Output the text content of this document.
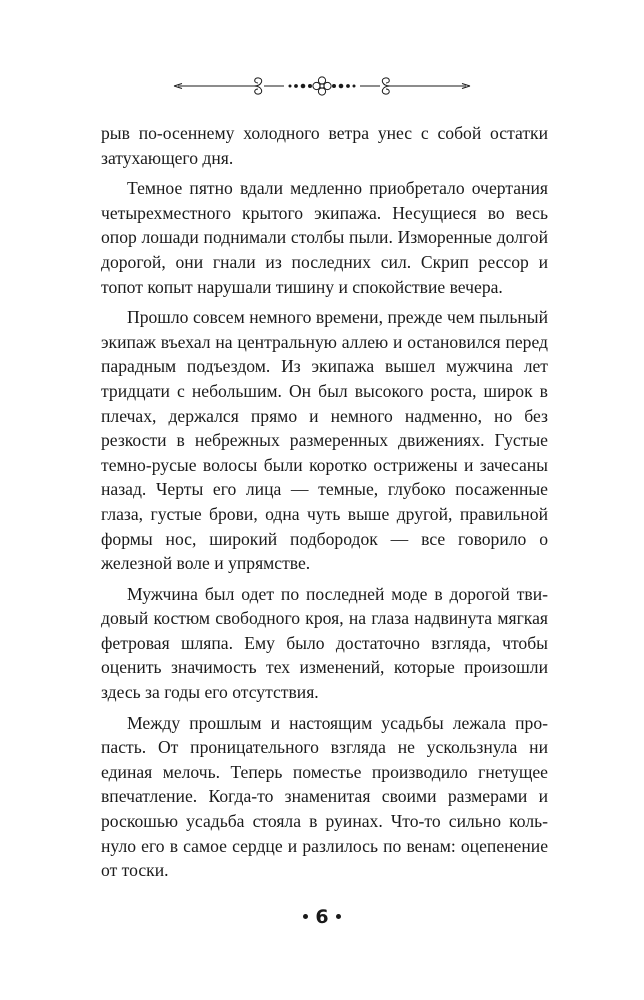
рыв по-осеннему холодного ветра унес с собой остатки затухающего дня.

Темное пятно вдали медленно приобретало очертания четырехместного крытого экипажа. Несущиеся во весь опор лошади поднимали столбы пыли. Изморенные долгой дорогой, они гнали из последних сил. Скрип рессор и топот копыт нарушали тишину и спокойствие вечера.

Прошло совсем немного времени, прежде чем пыльный экипаж въехал на центральную аллею и остановился перед парадным подъездом. Из экипажа вышел мужчина лет тридцати с небольшим. Он был высокого роста, широк в плечах, держался прямо и немного надменно, но без резкости в небрежных размеренных движениях. Густые темно-русые волосы были коротко острижены и зачесаны назад. Черты его лица — темные, глубоко посаженные глаза, густые брови, одна чуть выше другой, правильной формы нос, широкий подбородок — все говорило о железной воле и упрямстве.

Мужчина был одет по последней моде в дорогой твидовый костюм свободного кроя, на глаза надвинута мягкая фетровая шляпа. Ему было достаточно взгляда, чтобы оценить значимость тех изменений, которые произошли здесь за годы его отсутствия.

Между прошлым и настоящим усадьбы лежала пропасть. От проницательного взгляда не ускользнула ни единая мелочь. Теперь поместье производило гнетущее впечатление. Когда-то знаменитая своими размерами и роскошью усадьба стояла в руинах. Что-то сильно кольнуло его в самое сердце и разлилось по венам: оцепенение от тоски.

6
